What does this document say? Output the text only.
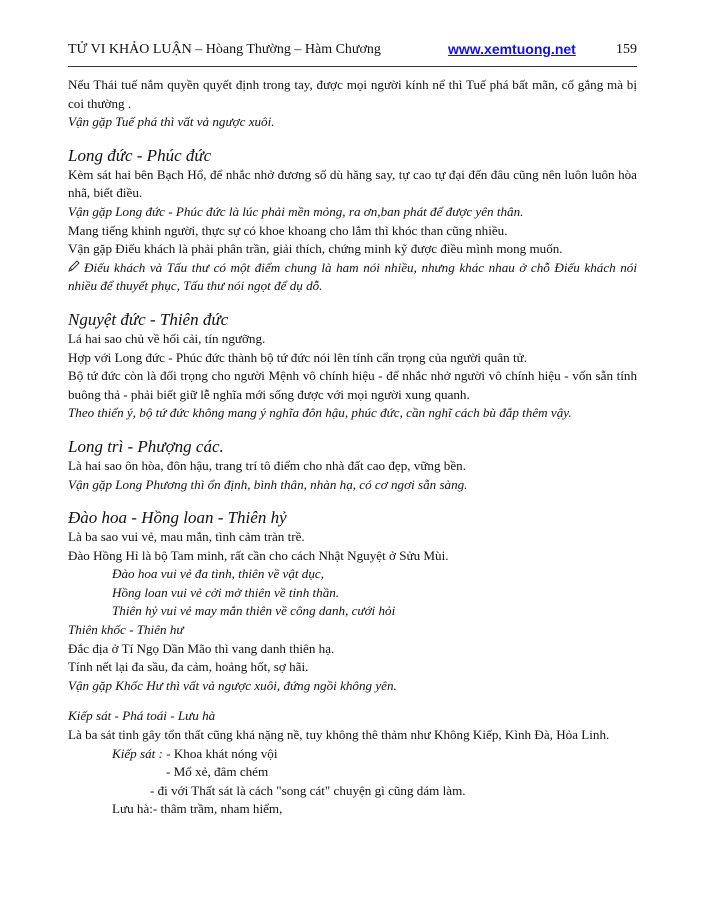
TỬ VI KHẢO LUẬN – Hòang Thường – Hàm Chương	www.xemtuong.net	159

Nếu Thái tuế nắm quyền quyết định trong tay, được mọi người kính nể thì Tuế phá bất mãn, cố gắng mà bị coi thường .

Vận gặp Tuế phá thì vất vả ngược xuôi.

Long đức - Phúc đức

Kèm sát hai bên Bạch Hổ, để nhắc nhở đương số dù hăng say, tự cao tự đại đến đâu cũng nên luôn luôn hòa nhã, biết điều.

Vận gặp Long đức - Phúc đức là lúc phải mền mỏng, ra ơn,ban phát để được yên thân.

Mang tiếng khinh người, thực sự có khoe khoang cho lắm thì khóc than cũng nhiều.

Vận gặp Điếu khách là phải phân trần, giải thích, chứng minh kỹ được điều mình mong muốn.

Điếu khách và Tấu thư có một điểm chung là ham nói nhiều, nhưng khác nhau ở chỗ Điếu khách nói nhiều để thuyết phục, Tấu thư nói ngọt để dụ dỗ.

Nguyệt đức - Thiên đức

Lá hai sao chủ về hối cải, tín ngưỡng.

Hợp với Long đức - Phúc đức thành bộ tứ đức nói lên tính cẩn trọng của người quân tử.

Bộ tứ đức còn là đối trọng cho người Mệnh vô chính hiệu - để nhắc nhở người vô chính hiệu - vốn sẵn tính buông thả - phải biết giữ lễ nghĩa mới sống được với mọi người xung quanh.

Theo thiển ý, bộ tứ đức không mang ý nghĩa đôn hậu, phúc đức, cần nghĩ cách bù đắp thêm vậy.

Long trì - Phượng các.

Là hai sao ôn hòa, đôn hậu, trang trí tô điểm cho nhà đất cao đẹp, vững bền.

Vận gặp Long Phương thì ổn định, bình thân, nhàn hạ, có cơ ngơi sẵn sàng.

Đào hoa - Hồng loan - Thiên hỷ

Là ba sao vui vẻ, mau mắn, tình cảm tràn trề.

Đào Hồng Hỉ là bộ Tam minh, rất cần cho cách Nhật Nguyệt ở Sửu Mùi.

Đào hoa vui vẻ đa tình, thiên về vật dục,

Hồng loan vui vẻ cởi mở thiên về tinh thần.

Thiên hỷ vui vẻ may mắn thiên về công danh, cưới hỏi

Thiên khốc - Thiên hư

Đắc địa ở Tí Ngọ Dần Mão thì vang danh thiên hạ.

Tính nết lại đa sầu, đa cảm, hoảng hốt, sợ hãi.

Vận gặp Khốc Hư thì vất vả ngược xuôi, đứng ngồi không yên.

Kiếp sát - Phá toái - Lưu hà

Là ba sát tinh gây tổn thất cũng khá nặng nề, tuy không thê thảm như Không Kiếp, Kình Đà, Hỏa Linh.

Kiếp sát : - Khoa khát nóng vội

- Mổ xẻ, đâm chém

- đi với Thất sát là cách "song cát" chuyện gì cũng dám làm.

Lưu hà:- thâm trầm, nham hiểm,
